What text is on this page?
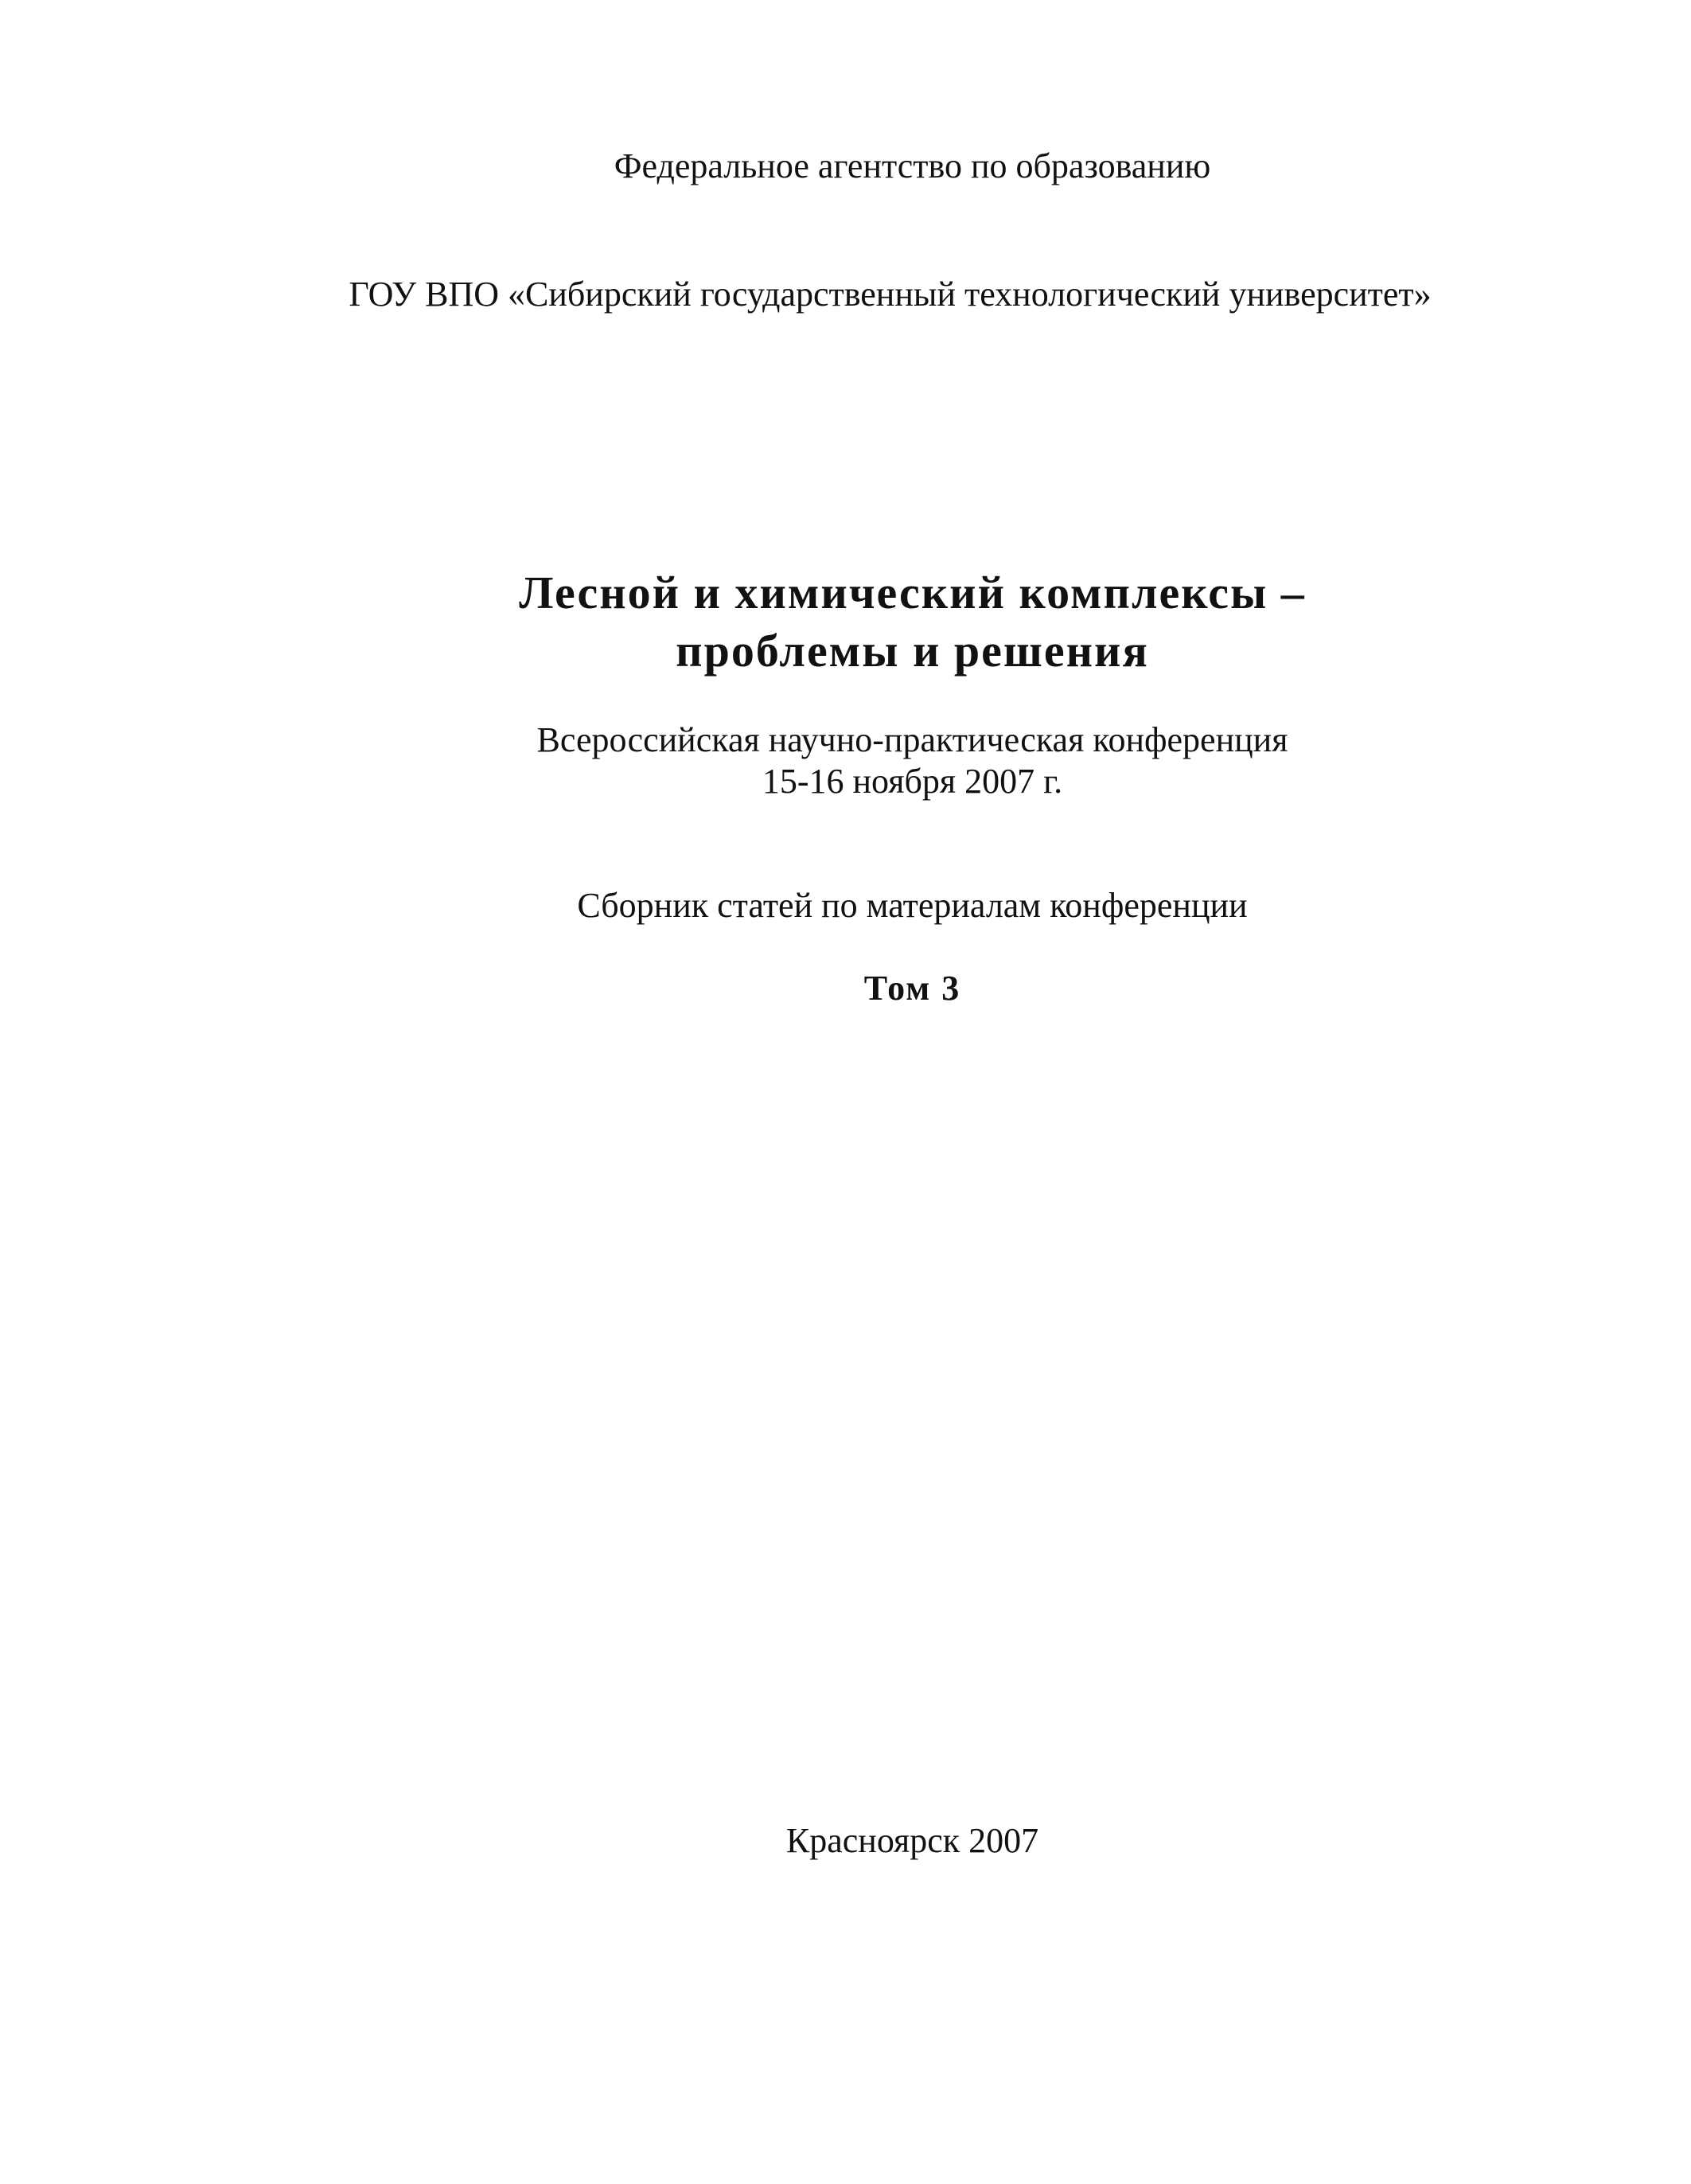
Федеральное агентство по образованию
ГОУ ВПО «Сибирский государственный технологический университет»
Лесной и химический комплексы –
проблемы и решения
Всероссийская научно-практическая конференция
15-16 ноября 2007 г.
Сборник статей по материалам конференции
Том 3
Красноярск 2007
